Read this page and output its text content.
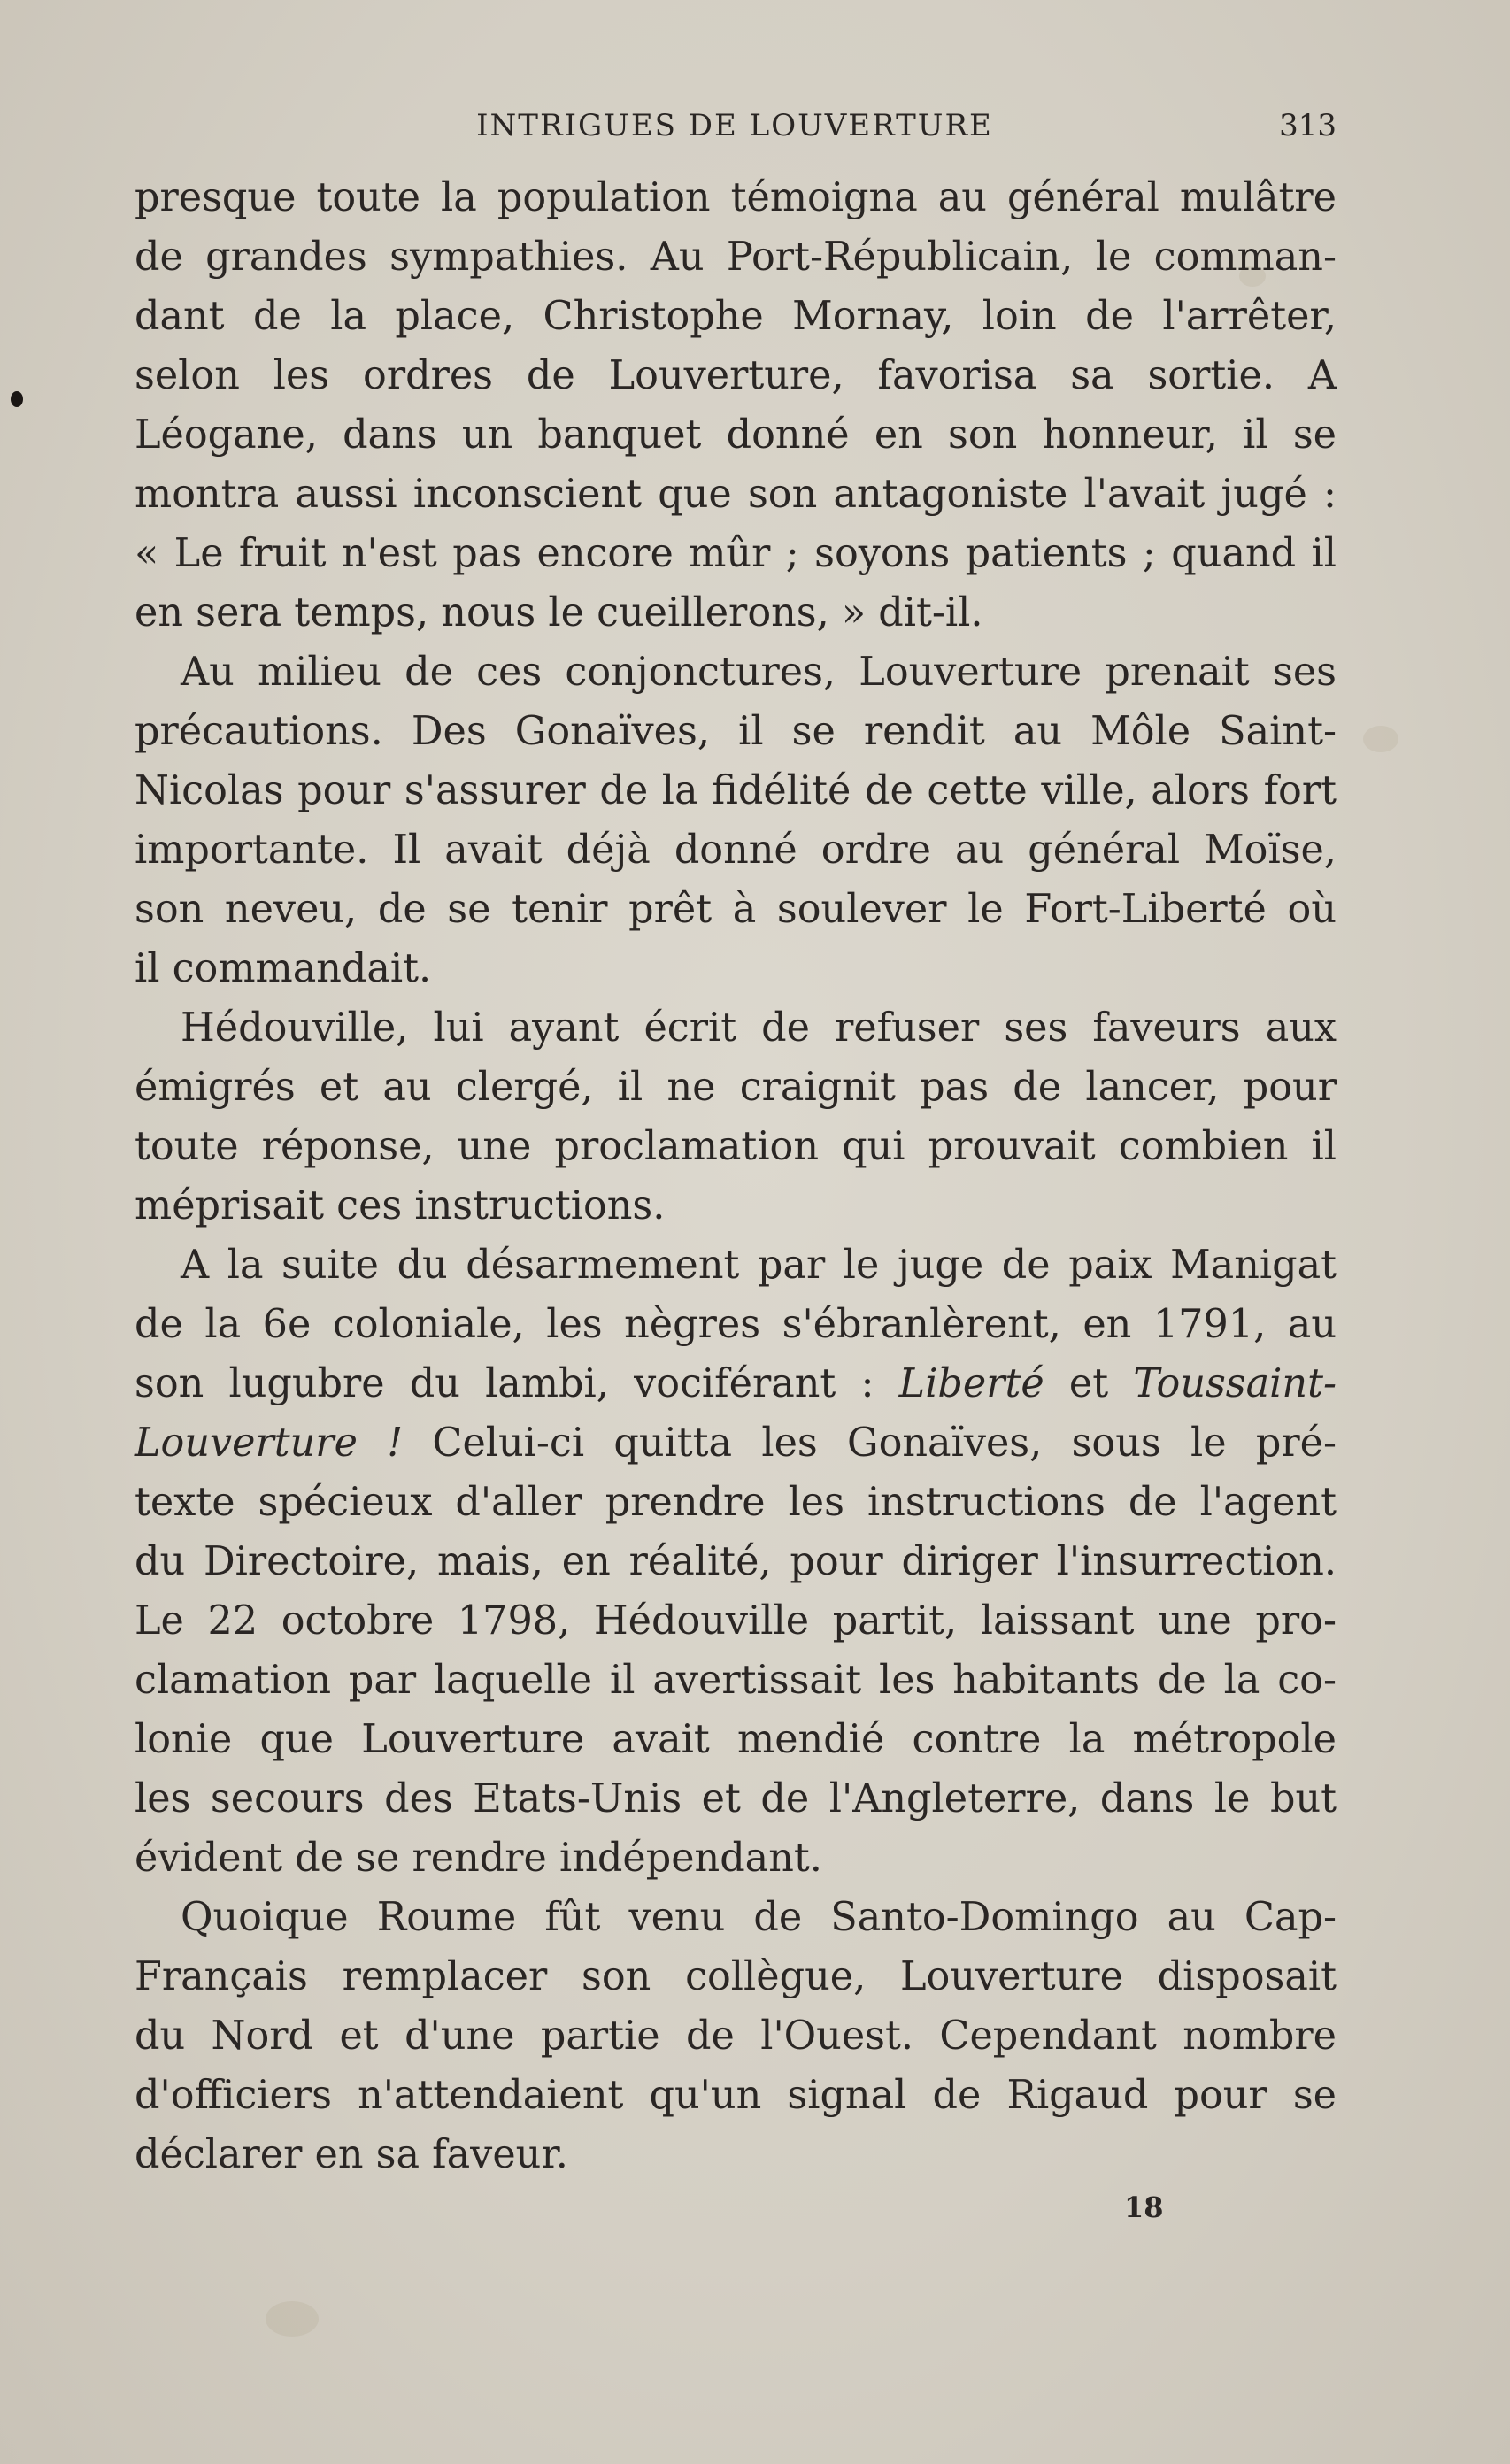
INTRIGUES DE LOUVERTURE	313
presque toute la population témoigna au général mulâtre
de grandes sympathies. Au Port-Républicain, le comman-
dant de la place, Christophe Mornay, loin de l'arrêter,
selon les ordres de Louverture, favorisa sa sortie. A
Léogane, dans un banquet donné en son honneur, il se
montra aussi inconscient que son antagoniste l'avait jugé :
« Le fruit n'est pas encore mûr ; soyons patients ; quand il
en sera temps, nous le cueillerons, » dit-il.
Au milieu de ces conjonctures, Louverture prenait ses
précautions. Des Gonaïves, il se rendit au Môle Saint-
Nicolas pour s'assurer de la fidélité de cette ville, alors fort
importante. Il avait déjà donné ordre au général Moïse,
son neveu, de se tenir prêt à soulever le Fort-Liberté où
il commandait.
Hédouville, lui ayant écrit de refuser ses faveurs aux
émigrés et au clergé, il ne craignit pas de lancer, pour
toute réponse, une proclamation qui prouvait combien il
méprisait ces instructions.
A la suite du désarmement par le juge de paix Manigat
de la 6e coloniale, les nègres s'ébranlèrent, en 1791, au
son lugubre du lambi, vociférant : Liberté et Toussaint-
Louverture ! Celui-ci quitta les Gonaïves, sous le pré-
texte spécieux d'aller prendre les instructions de l'agent
du Directoire, mais, en réalité, pour diriger l'insurrection.
Le 22 octobre 1798, Hédouville partit, laissant une pro-
clamation par laquelle il avertissait les habitants de la co-
lonie que Louverture avait mendié contre la métropole
les secours des Etats-Unis et de l'Angleterre, dans le but
évident de se rendre indépendant.
Quoique Roume fût venu de Santo-Domingo au Cap-
Français remplacer son collègue, Louverture disposait
du Nord et d'une partie de l'Ouest. Cependant nombre
d'officiers n'attendaient qu'un signal de Rigaud pour se
déclarer en sa faveur.
18
